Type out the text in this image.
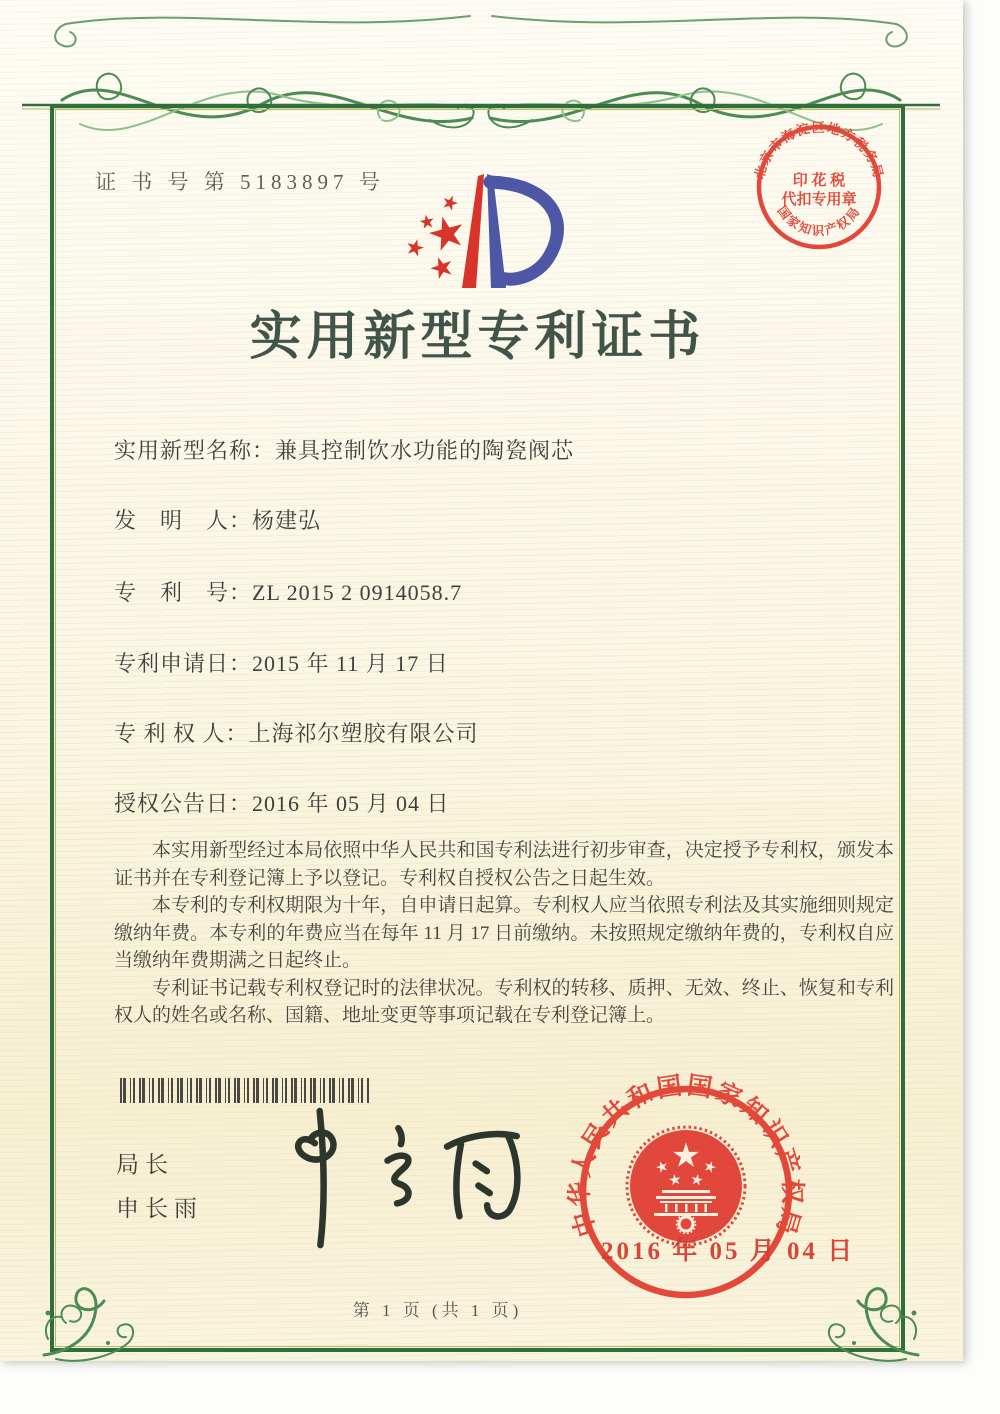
证 书 号 第 5183897 号	北京市海淀区地方税务局
印 花 税
代扣专用章
国家知识产权局
实用新型专利证书
实用新型名称：兼具控制饮水功能的陶瓷阀芯
发　明　人：杨建弘
专　利　号：ZL 2015 2 0914058.7
专利申请日：2015 年 11 月 17 日
专 利 权 人：上海祁尔塑胶有限公司
授权公告日：2016 年 05 月 04 日

本实用新型经过本局依照中华人民共和国专利法进行初步审查，决定授予专利权，颁发本证书并在专利登记簿上予以登记。专利权自授权公告之日起生效。

本专利的专利权期限为十年，自申请日起算。专利权人应当依照专利法及其实施细则规定缴纳年费。本专利的年费应当在每年 11 月 17 日前缴纳。未按照规定缴纳年费的，专利权自应当缴纳年费期满之日起终止。

专利证书记载专利权登记时的法律状况。专利权的转移、质押、无效、终止、恢复和专利权人的姓名或名称、国籍、地址变更等事项记载在专利登记簿上。

局长
申长雨	中华人民共和国国家知识产权局
2016 年 05 月 04 日
第 1 页 (共 1 页)
